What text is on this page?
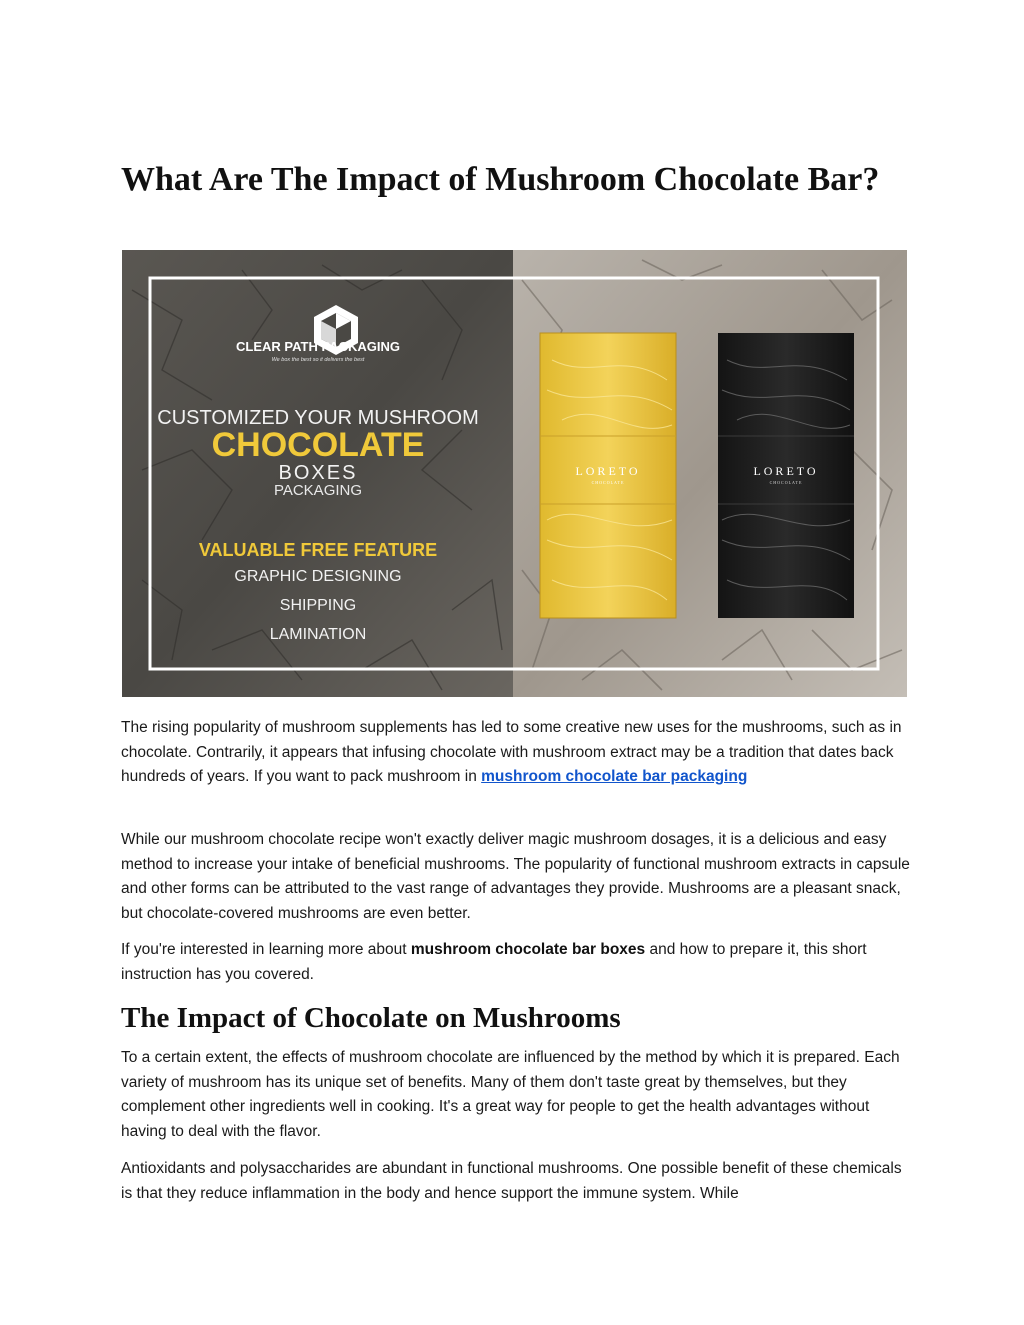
What Are The Impact of Mushroom Chocolate Bar?
CLEAR PATH PACKAGING
We box the best so it delivers the best
CUSTOMIZED YOUR MUSHROOM
CHOCOLATE
BOXES
PACKAGING
VALUABLE FREE FEATURE
GRAPHIC DESIGNING
SHIPPING
LAMINATION
LORETO
CHOCOLATE
LORETO
CHOCOLATE

The rising popularity of mushroom supplements has led to some creative new uses for the mushrooms, such as in chocolate. Contrarily, it appears that infusing chocolate with mushroom extract may be a tradition that dates back hundreds of years. If you want to pack mushroom in mushroom chocolate bar packaging

While our mushroom chocolate recipe won't exactly deliver magic mushroom dosages, it is a delicious and easy method to increase your intake of beneficial mushrooms. The popularity of functional mushroom extracts in capsule and other forms can be attributed to the vast range of advantages they provide. Mushrooms are a pleasant snack, but chocolate-covered mushrooms are even better.

If you're interested in learning more about mushroom chocolate bar boxes and how to prepare it, this short instruction has you covered.

The Impact of Chocolate on Mushrooms

To a certain extent, the effects of mushroom chocolate are influenced by the method by which it is prepared. Each variety of mushroom has its unique set of benefits. Many of them don't taste great by themselves, but they complement other ingredients well in cooking. It's a great way for people to get the health advantages without having to deal with the flavor.

Antioxidants and polysaccharides are abundant in functional mushrooms. One possible benefit of these chemicals is that they reduce inflammation in the body and hence support the immune system. While
